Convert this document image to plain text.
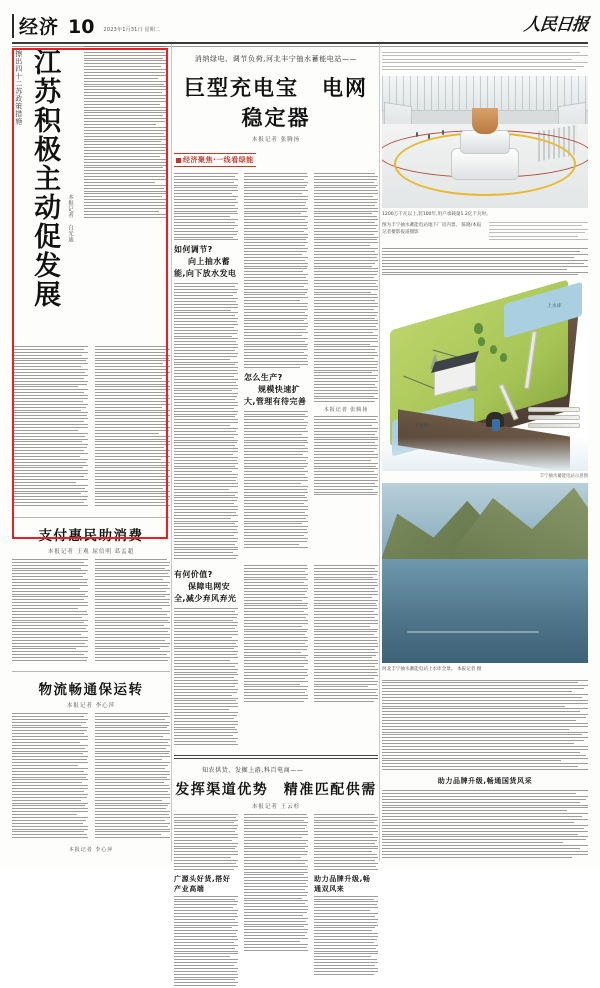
经济 10 2023年1月31日 星期二	人民日报
擦出四十二苏政策措施 江苏积极主动促发展 本报记者 白光迪
支付惠民助消费
本报记者 王观 屈信明 葛孟超
物流畅通保运转
本报记者 李心萍
本报记者 李心萍
消纳绿电、调节负荷,河北丰宁抽水蓄能电站——
巨型充电宝　电网稳定器
本报记者 张腾扬
经济聚焦·一线看绿能
如何调节?
向上抽水蓄能,向下放水发电
怎么生产?
规模快速扩大,管理有待完善
本报记者 张腾扬
有何价值?
保障电网安全,减少弃风弃光
知农供货、发掘上游,科百电商——
发挥渠道优势　精准匹配供需
本报记者 王云杉
广源头好货,搭好产业高端
助力品牌升级,畅通双风来
1200万千瓦以上,装100年,用户承载量1.2亿千瓦时。
图为丰宁抽水蓄能电站地下厂房内景。 陈晓/本报记者摄影报道摄影
上水库
下水库
丰宁抽水蓄能电站示意图
河北丰宁抽水蓄能电站上水库全景。 本报记者 摄
助力品牌升级,畅通国货风采
